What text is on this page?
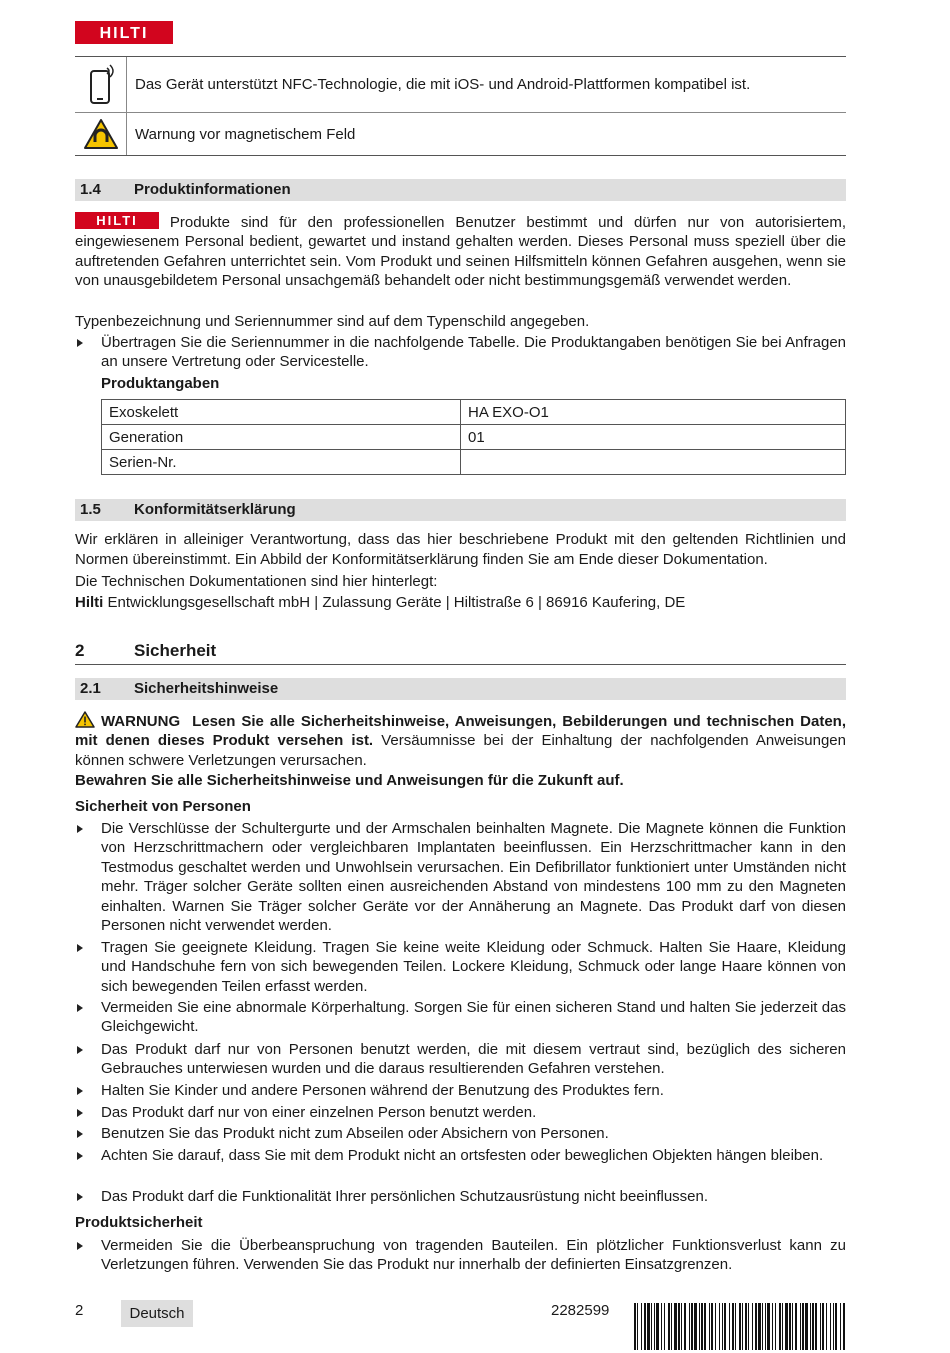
HILTI
Das Gerät unterstützt NFC-Technologie, die mit iOS- und Android-Plattformen kompatibel ist.
Warnung vor magnetischem Feld
1.4 Produktinformationen
HILTI Produkte sind für den professionellen Benutzer bestimmt und dürfen nur von autorisiertem, eingewiesenem Personal bedient, gewartet und instand gehalten werden. Dieses Personal muss speziell über die auftretenden Gefahren unterrichtet sein. Vom Produkt und seinen Hilfsmitteln können Gefahren ausgehen, wenn sie von unausgebildetem Personal unsachgemäß behandelt oder nicht bestimmungsgemäß verwendet werden.
Typenbezeichnung und Seriennummer sind auf dem Typenschild angegeben.
Übertragen Sie die Seriennummer in die nachfolgende Tabelle. Die Produktangaben benötigen Sie bei Anfragen an unsere Vertretung oder Servicestelle.
Produktangaben
Exoskelett	HA EXO-O1
Generation	01
Serien-Nr.	
1.5 Konformitätserklärung
Wir erklären in alleiniger Verantwortung, dass das hier beschriebene Produkt mit den geltenden Richtlinien und Normen übereinstimmt. Ein Abbild der Konformitätserklärung finden Sie am Ende dieser Dokumentation.
Die Technischen Dokumentationen sind hier hinterlegt:
Hilti Entwicklungsgesellschaft mbH | Zulassung Geräte | Hiltistraße 6 | 86916 Kaufering, DE
2	Sicherheit
2.1 Sicherheitshinweise
WARNUNG Lesen Sie alle Sicherheitshinweise, Anweisungen, Bebilderungen und technischen Daten, mit denen dieses Produkt versehen ist. Versäumnisse bei der Einhaltung der nachfolgenden Anweisungen können schwere Verletzungen verursachen.
Bewahren Sie alle Sicherheitshinweise und Anweisungen für die Zukunft auf.
Sicherheit von Personen
Die Verschlüsse der Schultergurte und der Armschalen beinhalten Magnete. Die Magnete können die Funktion von Herzschrittmachern oder vergleichbaren Implantaten beeinflussen. Ein Herzschrittmacher kann in den Testmodus geschaltet werden und Unwohlsein verursachen. Ein Defibrillator funktioniert unter Umständen nicht mehr. Träger solcher Geräte sollten einen ausreichenden Abstand von mindestens 100 mm zu den Magneten einhalten. Warnen Sie Träger solcher Geräte vor der Annäherung an Magnete. Das Produkt darf von diesen Personen nicht verwendet werden.
Tragen Sie geeignete Kleidung. Tragen Sie keine weite Kleidung oder Schmuck. Halten Sie Haare, Kleidung und Handschuhe fern von sich bewegenden Teilen. Lockere Kleidung, Schmuck oder lange Haare können von sich bewegenden Teilen erfasst werden.
Vermeiden Sie eine abnormale Körperhaltung. Sorgen Sie für einen sicheren Stand und halten Sie jederzeit das Gleichgewicht.
Das Produkt darf nur von Personen benutzt werden, die mit diesem vertraut sind, bezüglich des sicheren Gebrauches unterwiesen wurden und die daraus resultierenden Gefahren verstehen.
Halten Sie Kinder und andere Personen während der Benutzung des Produktes fern.
Das Produkt darf nur von einer einzelnen Person benutzt werden.
Benutzen Sie das Produkt nicht zum Abseilen oder Absichern von Personen.
Achten Sie darauf, dass Sie mit dem Produkt nicht an ortsfesten oder beweglichen Objekten hängen bleiben.
Das Produkt darf die Funktionalität Ihrer persönlichen Schutzausrüstung nicht beeinflussen.
Produktsicherheit
Vermeiden Sie die Überbeanspruchung von tragenden Bauteilen. Ein plötzlicher Funktionsverlust kann zu Verletzungen führen. Verwenden Sie das Produkt nur innerhalb der definierten Einsatzgrenzen.
2	Deutsch	2282599
